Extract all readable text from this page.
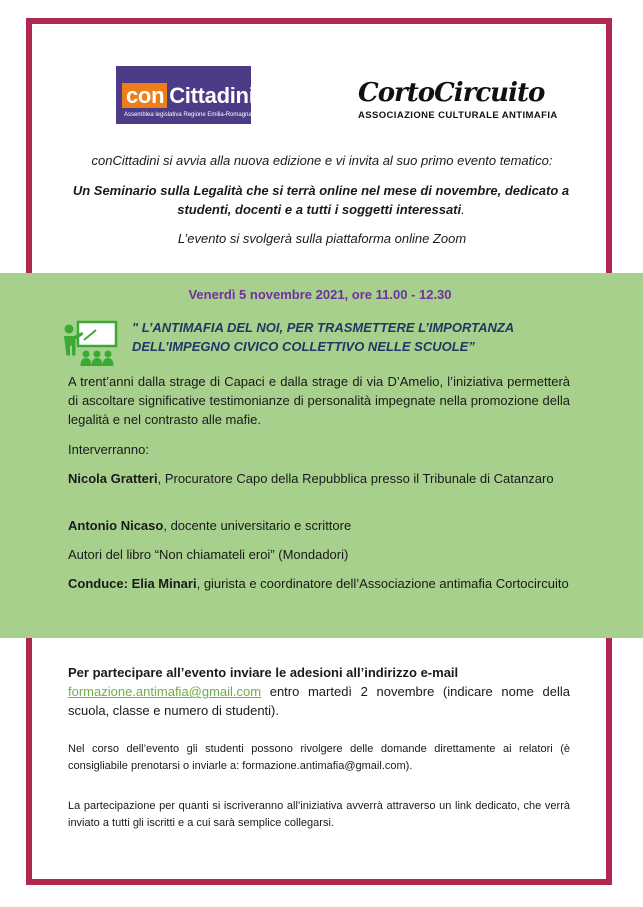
con Cittadini
Assemblea legislativa Regione Emilia-Romagna
CortoCircuito
ASSOCIAZIONE CULTURALE ANTIMAFIA
conCittadini si avvia alla nuova edizione e vi invita al suo primo evento tematico:
Un Seminario sulla Legalità che si terrà online nel mese di novembre, dedicato a studenti, docenti e a tutti i soggetti interessati.
L’evento si svolgerà sulla piattaforma online Zoom
Venerdì 5 novembre 2021, ore 11.00 - 12.30
" L’ANTIMAFIA DEL NOI, PER TRASMETTERE L’IMPORTANZA DELL’IMPEGNO CIVICO COLLETTIVO NELLE SCUOLE”
A trent’anni dalla strage di Capaci e dalla strage di via D’Amelio, l’iniziativa permetterà di ascoltare significative testimonianze di personalità impegnate nella promozione della legalità e nel contrasto alle mafie.
Interverranno:
Nicola Gratteri, Procuratore Capo della Repubblica presso il Tribunale di Catanzaro
Antonio Nicaso, docente universitario e scrittore
Autori del libro “Non chiamateli eroi” (Mondadori)
Conduce: Elia Minari, giurista e coordinatore dell’Associazione antimafia Cortocircuito
Per partecipare all’evento inviare le adesioni all’indirizzo e-mail
formazione.antimafia@gmail.com entro martedì 2 novembre (indicare nome della scuola, classe e numero di studenti).
Nel corso dell’evento gli studenti possono rivolgere delle domande direttamente ai relatori (è consigliabile prenotarsi o inviarle a: formazione.antimafia@gmail.com).
La partecipazione per quanti si iscriveranno all’iniziativa avverrà attraverso un link dedicato, che verrà inviato a tutti gli iscritti e a cui sarà semplice collegarsi.
